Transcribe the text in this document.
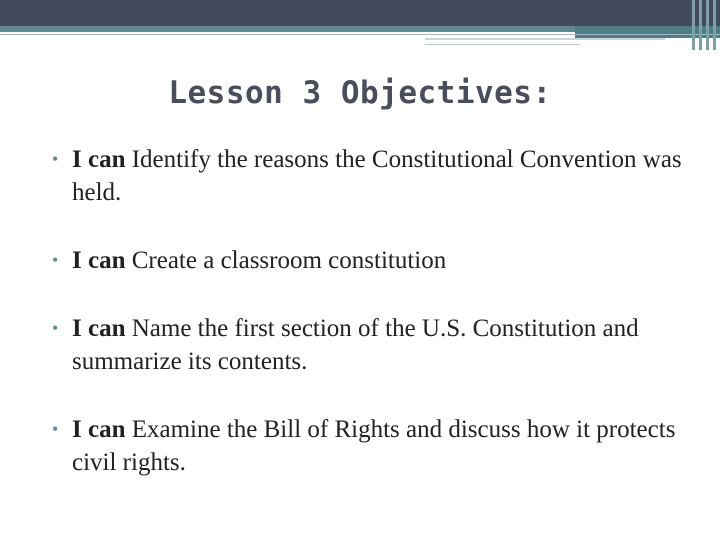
Lesson 3 Objectives:
• I can Identify the reasons the Constitutional Convention was held.
• I can Create a classroom constitution
• I can Name the first section of the U.S. Constitution and summarize its contents.
• I can Examine the Bill of Rights and discuss how it protects civil rights.
